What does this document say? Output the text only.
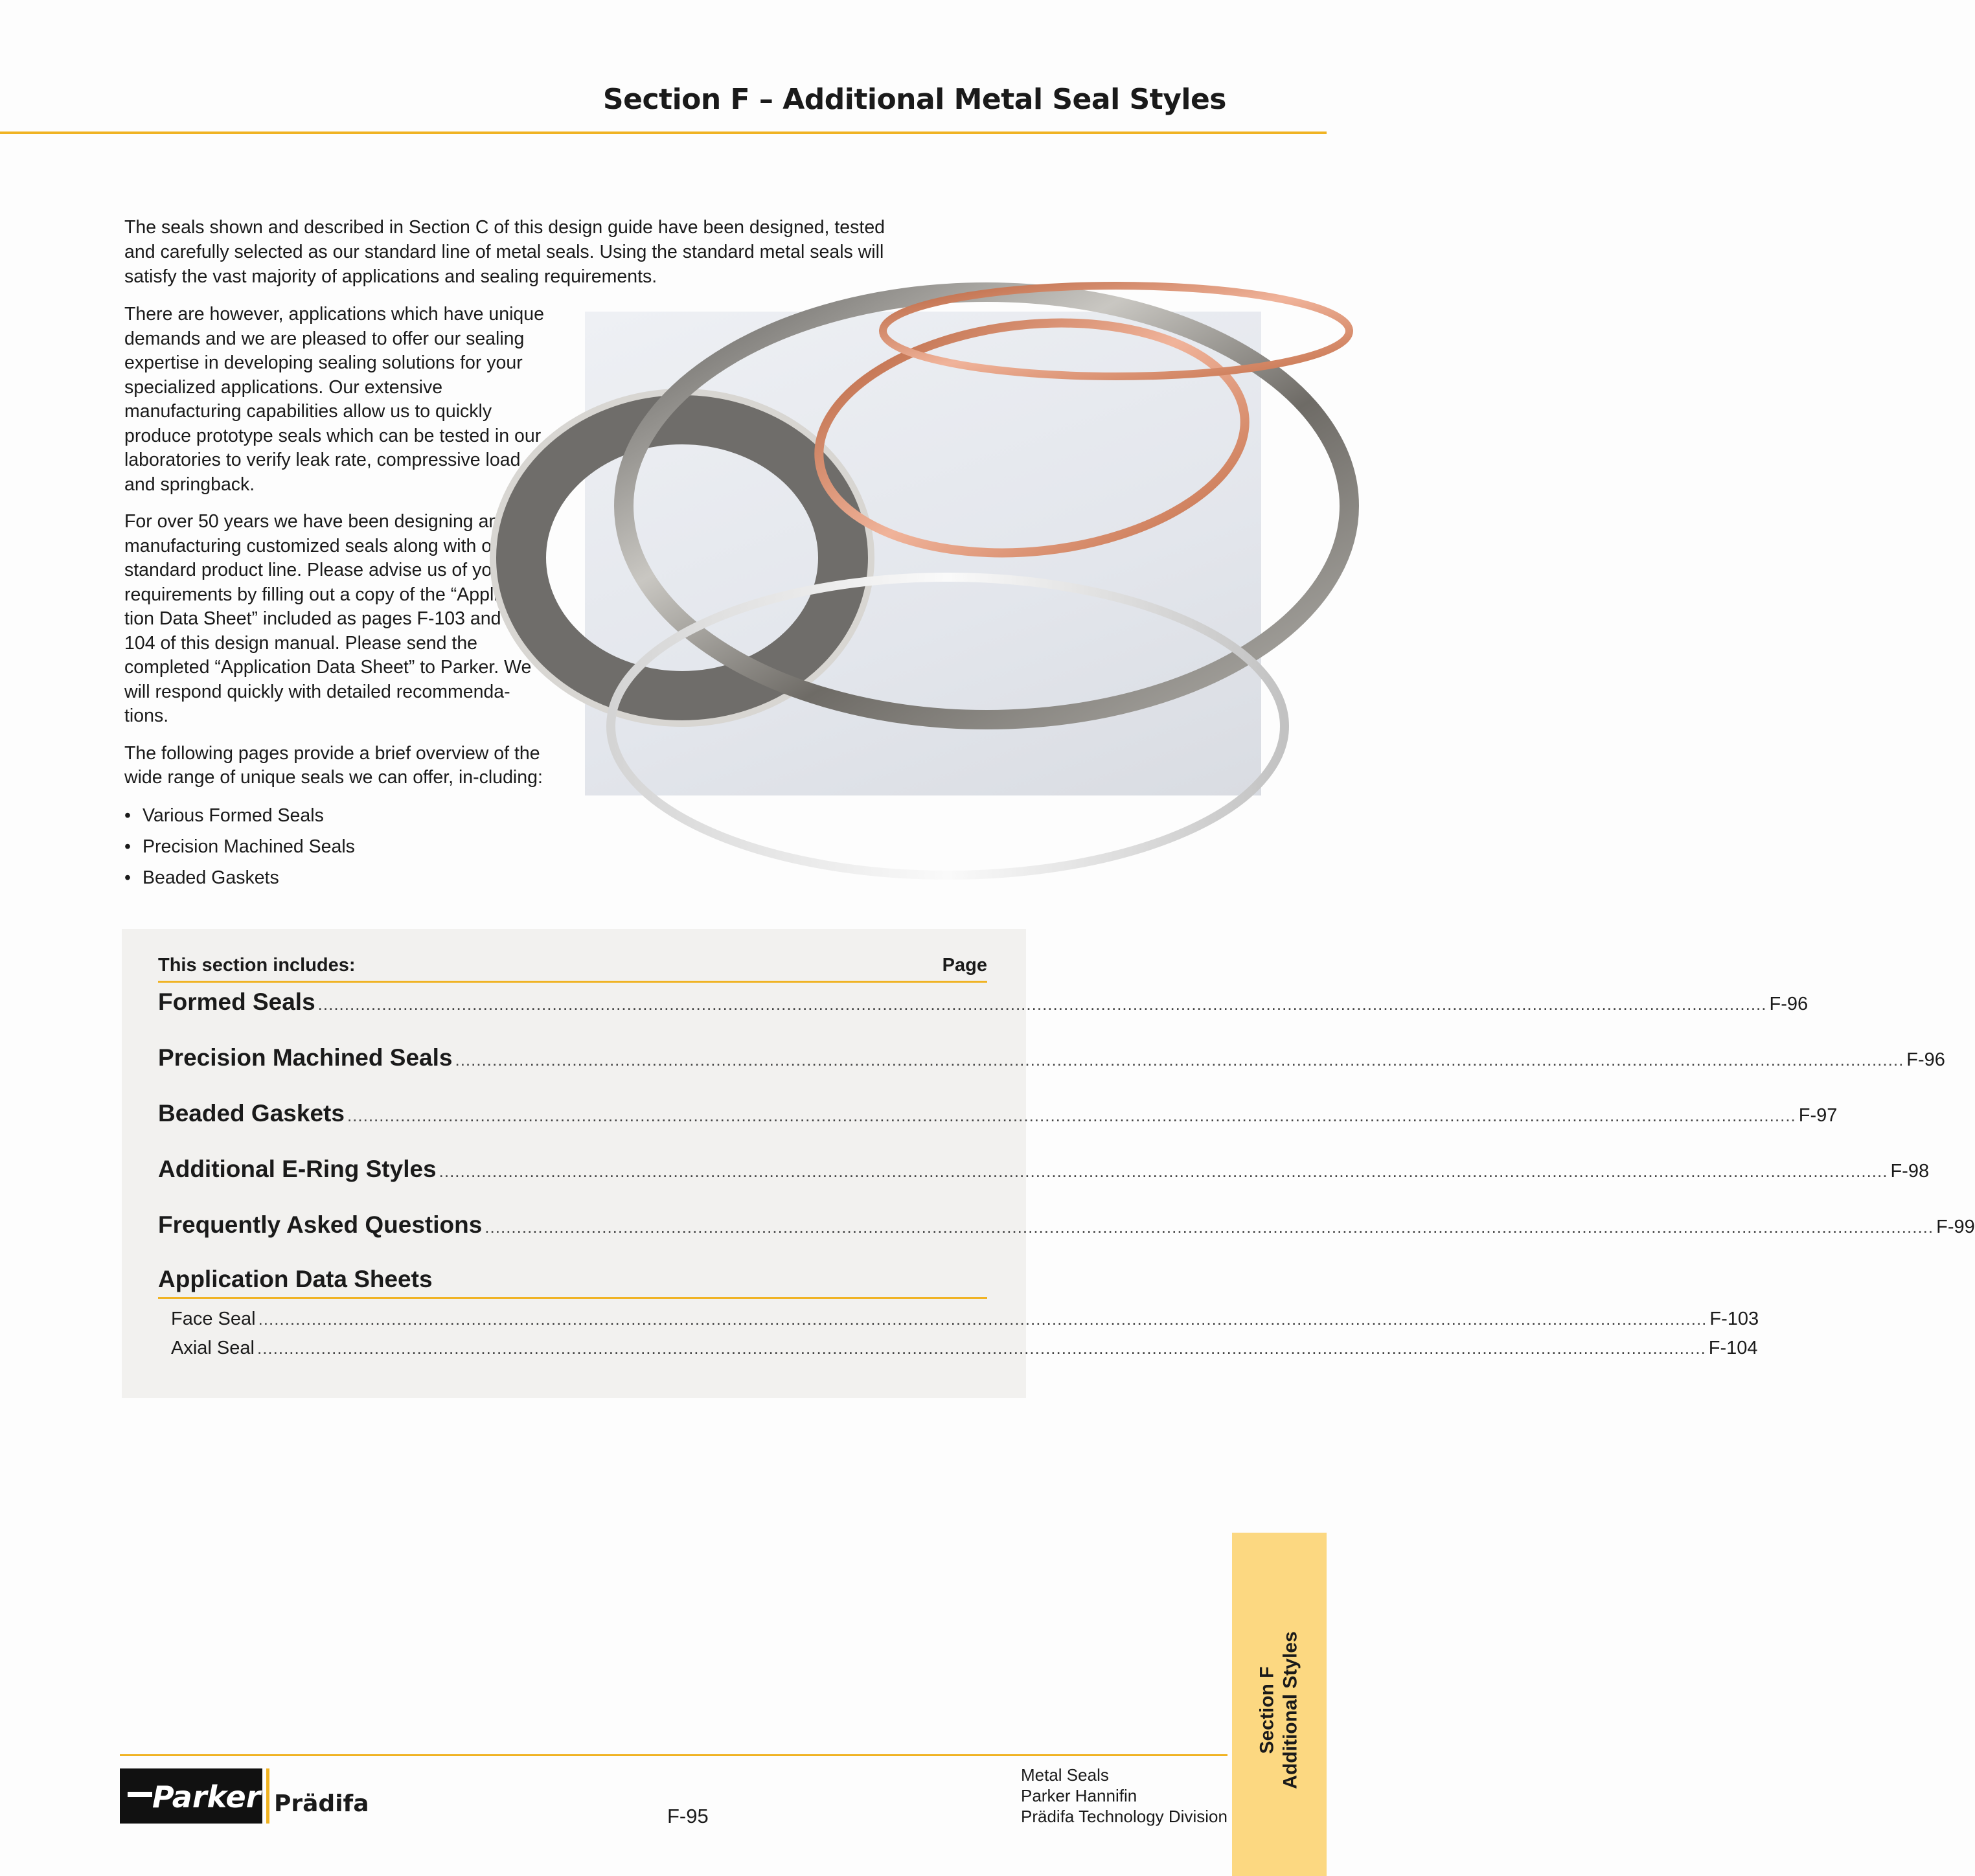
Section F – Additional Metal Seal Styles

The seals shown and described in Section C of this design guide have been designed, tested and carefully selected as our standard line of metal seals. Using the standard metal seals will satisfy the vast majority of applications and sealing requirements.

There are however, applications which have unique demands and we are pleased to offer our sealing expertise in developing sealing solutions for your specialized applications. Our extensive manufacturing capabilities allow us to quickly produce prototype seals which can be tested in our laboratories to verify leak rate, compressive load and springback.

For over 50 years we have been designing and manufacturing customized seals along with our standard product line. Please advise us of your requirements by filling out a copy of the “Applica-tion Data Sheet” included as pages F-103 and F-104 of this design manual. Please send the completed “Application Data Sheet” to Parker. We will respond quickly with detailed recommenda-tions.

The following pages provide a brief overview of the wide range of unique seals we can offer, in-cluding:

• Various Formed Seals
• Precision Machined Seals
• Beaded Gaskets
This section includes:	Page
Formed Seals .....	F-96
Precision Machined Seals .....	F-96
Beaded Gaskets .....	F-97
Additional E-Ring Styles .....	F-98
Frequently Asked Questions .....	F-99
Application Data Sheets
Face Seal .....	F-103
Axial Seal .....	F-104
Section F Additional Styles
Parker Prädifa	F-95
Metal Seals
Parker Hannifin
Prädifa Technology Division
